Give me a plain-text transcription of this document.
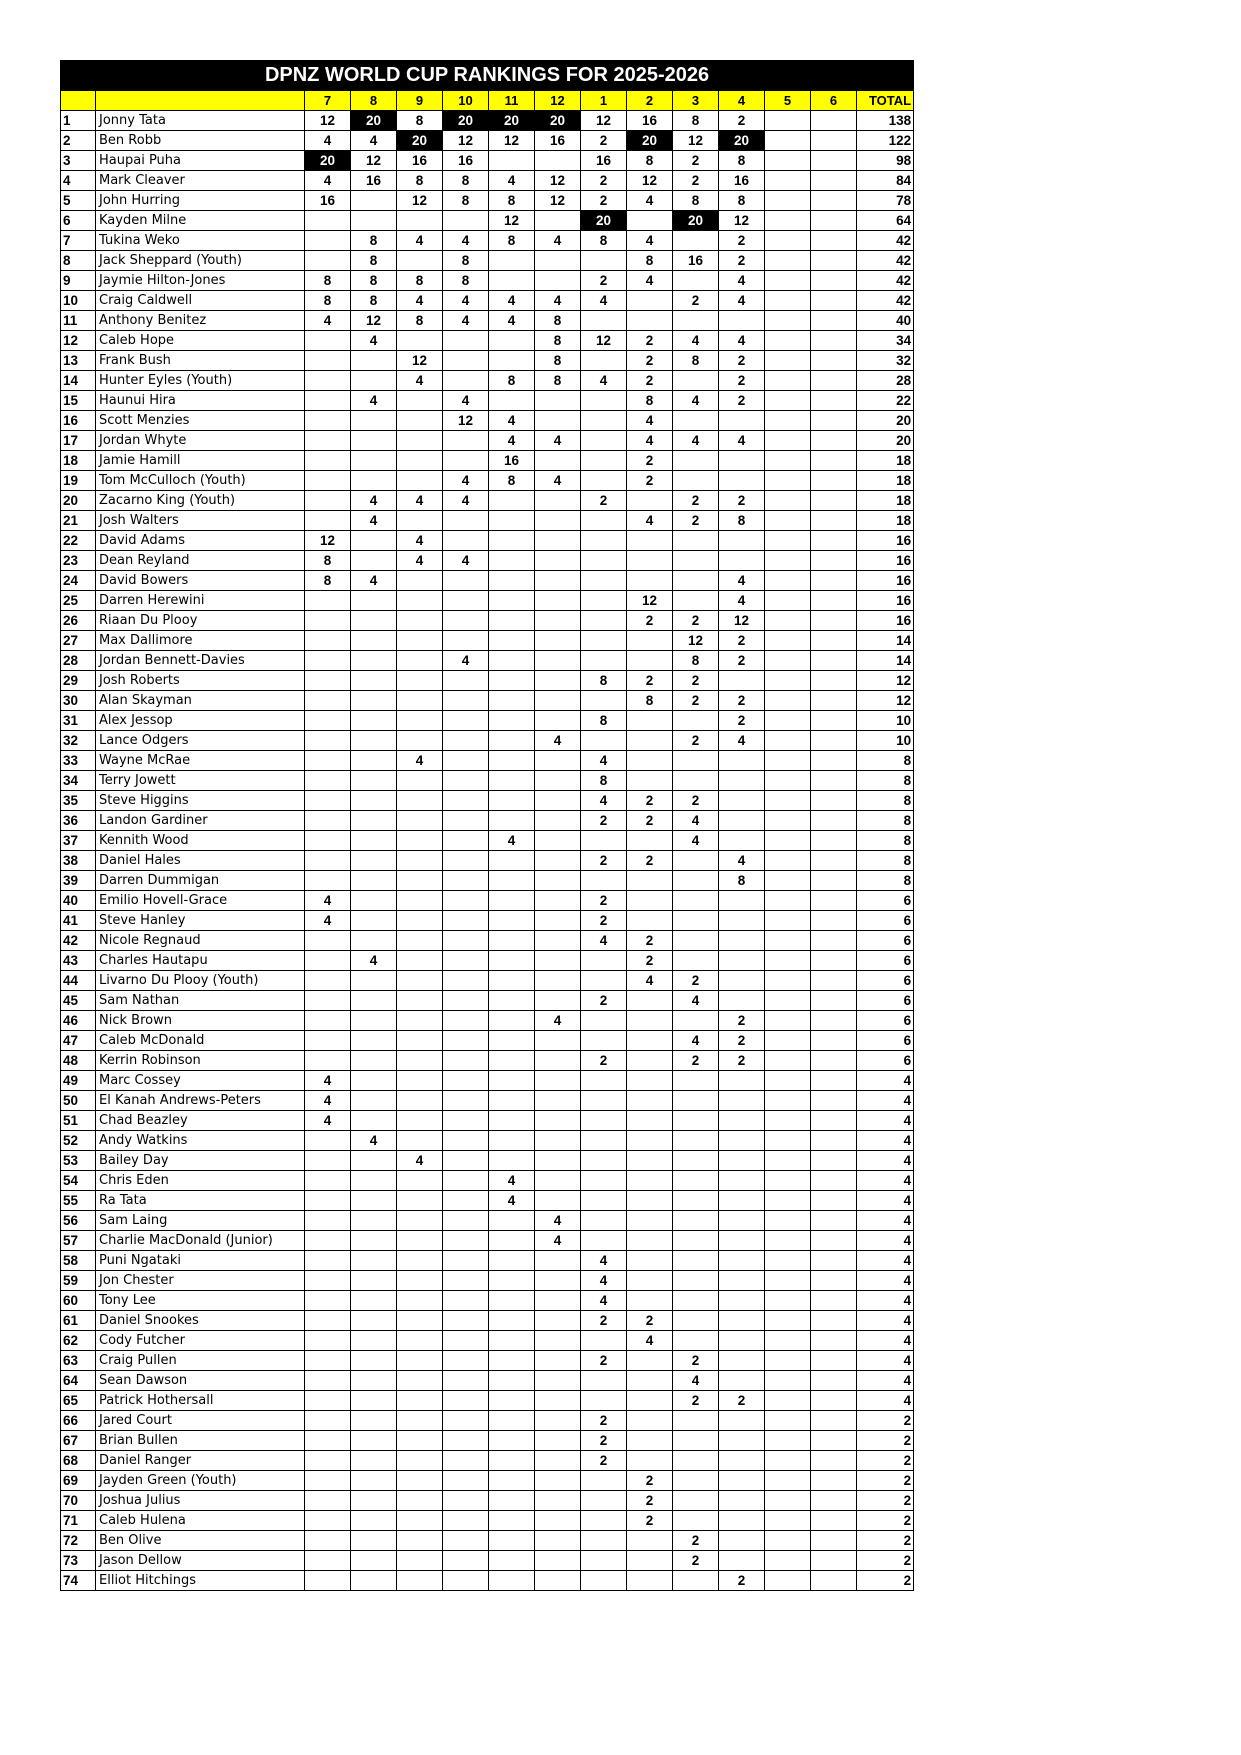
DPNZ WORLD CUP RANKINGS FOR 2025-2026														
		7	8	9	10	11	12	1	2	3	4	5	6	TOTAL
1	Jonny Tata	12	20	8	20	20	20	12	16	8	2			138
2	Ben Robb	4	4	20	12	12	16	2	20	12	20			122
3	Haupai Puha	20	12	16	16			16	8	2	8			98
4	Mark Cleaver	4	16	8	8	4	12	2	12	2	16			84
5	John Hurring	16		12	8	8	12	2	4	8	8			78
6	Kayden Milne					12		20		20	12			64
7	Tukina Weko		8	4	4	8	4	8	4		2			42
8	Jack Sheppard (Youth)		8		8				8	16	2			42
9	Jaymie Hilton-Jones	8	8	8	8			2	4		4			42
10	Craig Caldwell	8	8	4	4	4	4	4		2	4			42
11	Anthony Benitez	4	12	8	4	4	8							40
12	Caleb Hope		4				8	12	2	4	4			34
13	Frank Bush			12			8		2	8	2			32
14	Hunter Eyles (Youth)			4		8	8	4	2		2			28
15	Haunui Hira		4		4				8	4	2			22
16	Scott Menzies				12	4			4					20
17	Jordan Whyte					4	4		4	4	4			20
18	Jamie Hamill					16			2					18
19	Tom McCulloch (Youth)				4	8	4		2					18
20	Zacarno King (Youth)		4	4	4			2		2	2			18
21	Josh Walters		4						4	2	8			18
22	David Adams	12		4										16
23	Dean Reyland	8		4	4									16
24	David Bowers	8	4								4			16
25	Darren Herewini								12		4			16
26	Riaan Du Plooy								2	2	12			16
27	Max Dallimore									12	2			14
28	Jordan Bennett-Davies				4					8	2			14
29	Josh Roberts							8	2	2				12
30	Alan Skayman								8	2	2			12
31	Alex Jessop							8			2			10
32	Lance Odgers						4			2	4			10
33	Wayne McRae			4				4						8
34	Terry Jowett							8						8
35	Steve Higgins							4	2	2				8
36	Landon Gardiner							2	2	4				8
37	Kennith Wood					4				4				8
38	Daniel Hales							2	2		4			8
39	Darren Dummigan										8			8
40	Emilio Hovell-Grace	4						2						6
41	Steve Hanley	4						2						6
42	Nicole Regnaud							4	2					6
43	Charles Hautapu		4						2					6
44	Livarno Du Plooy (Youth)								4	2				6
45	Sam Nathan							2		4				6
46	Nick Brown						4				2			6
47	Caleb McDonald									4	2			6
48	Kerrin Robinson							2		2	2			6
49	Marc Cossey	4												4
50	El Kanah Andrews-Peters	4												4
51	Chad Beazley	4												4
52	Andy Watkins		4											4
53	Bailey Day			4										4
54	Chris Eden					4								4
55	Ra Tata					4								4
56	Sam Laing						4							4
57	Charlie MacDonald (Junior)						4							4
58	Puni Ngataki							4						4
59	Jon Chester							4						4
60	Tony Lee							4						4
61	Daniel Snookes							2	2					4
62	Cody Futcher								4					4
63	Craig Pullen							2		2				4
64	Sean Dawson									4				4
65	Patrick Hothersall									2	2			4
66	Jared Court							2						2
67	Brian Bullen							2						2
68	Daniel Ranger							2						2
69	Jayden Green (Youth)								2					2
70	Joshua Julius								2					2
71	Caleb Hulena								2					2
72	Ben Olive									2				2
73	Jason Dellow									2				2
74	Elliot Hitchings										2			2
